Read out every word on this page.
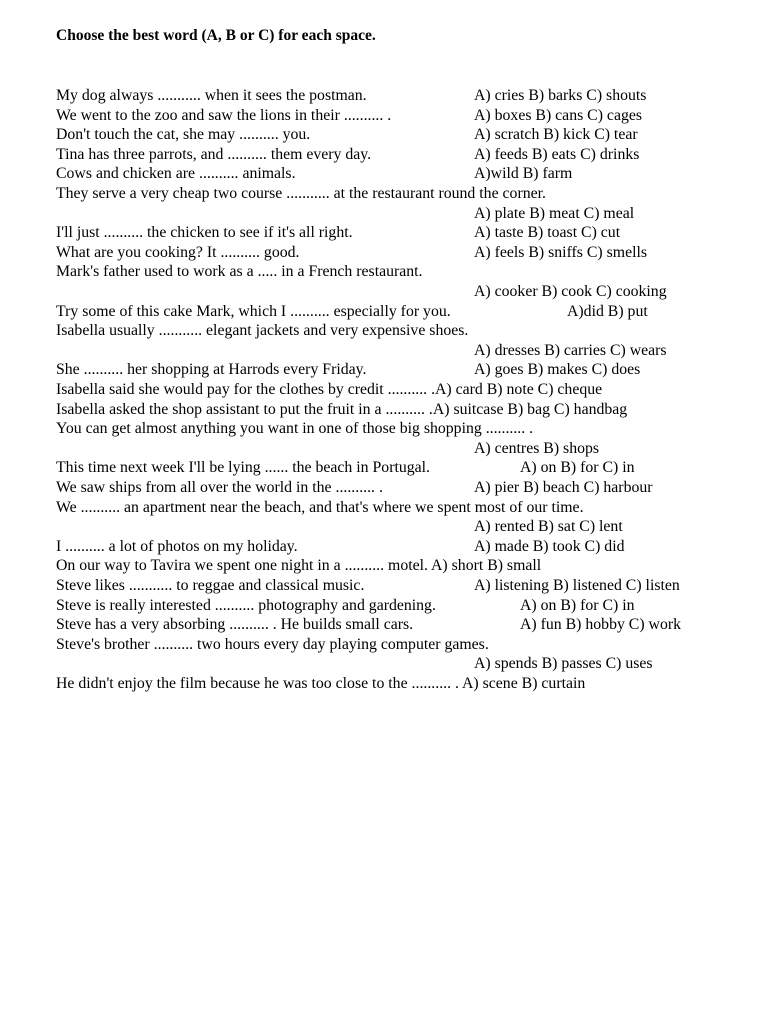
Choose the best word (A, B or C) for each space.
My dog always ........... when it sees the postman.	A) cries B) barks C) shouts
We went to the zoo and saw the lions in their .......... .	A) boxes B) cans C) cages
Don't touch the cat, she may .......... you.	A) scratch B) kick C) tear
Tina has three parrots, and .......... them every day.	A) feeds B) eats C) drinks
Cows and chicken are .......... animals.	A)wild B) farm
They serve a very cheap two course ........... at the restaurant round the corner.
A) plate B) meat C) meal
I'll just .......... the chicken to see if it's all right.	A) taste B) toast C) cut
What are you cooking? It .......... good.	A) feels B) sniffs C) smells
Mark's father used to work as a ..... in a French restaurant.
A) cooker B) cook C) cooking
Try some of this cake Mark, which I .......... especially for you.	A)did B) put
Isabella usually ........... elegant jackets and very expensive shoes.
A) dresses B) carries C) wears
She .......... her shopping at Harrods every Friday.	A) goes B) makes C) does
Isabella said she would pay for the clothes by credit .......... .A) card B) note C) cheque
Isabella asked the shop assistant to put the fruit in a .......... .A) suitcase B) bag C) handbag
You can get almost anything you want in one of those big shopping .......... .
A) centres B) shops
This time next week I'll be lying ...... the beach in Portugal.	A) on B) for C) in
We saw ships from all over the world in the .......... .	A) pier B) beach C) harbour
We .......... an apartment near the beach, and that's where we spent most of our time.
A) rented B) sat C) lent
I .......... a lot of photos on my holiday.	A) made B) took C) did
On our way to Tavira we spent one night in a .......... motel. A) short B) small
Steve likes ........... to reggae and classical music.	A) listening B) listened C) listen
Steve is really interested .......... photography and gardening.	A) on B) for C) in
Steve has a very absorbing .......... . He builds small cars.	A) fun B) hobby C) work
Steve's brother .......... two hours every day playing computer games.
A) spends B) passes C) uses
He didn't enjoy the film because he was too close to the .......... . A) scene B) curtain
